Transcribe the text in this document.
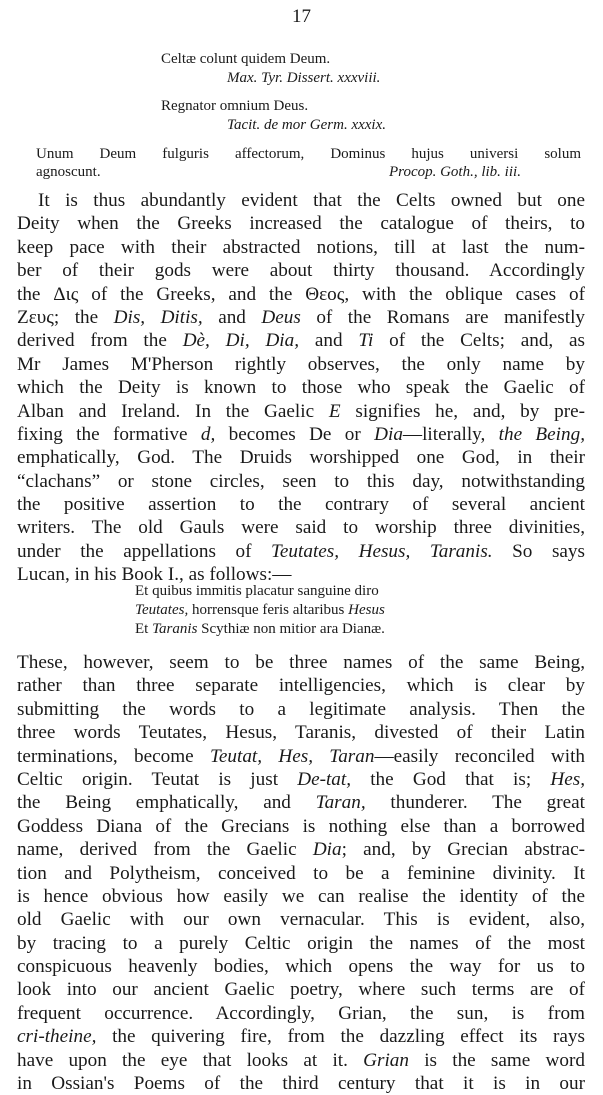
17
Celtæ colunt quidem Deum.
Max. Tyr. Dissert. xxxviii.
Regnator omnium Deus.
Tacit. de mor Germ. xxxix.
Unum Deum fulguris affectorum, Dominus hujus universi solum
agnoscunt.	Procop. Goth., lib. iii.
It is thus abundantly evident that the Celts owned but one
Deity when the Greeks increased the catalogue of theirs, to
keep pace with their abstracted notions, till at last the num-
ber of their gods were about thirty thousand. Accordingly
the Δις of the Greeks, and the Θεος, with the oblique cases of
Ζευς; the Dis, Ditis, and Deus of the Romans are manifestly
derived from the Dè, Di, Dia, and Ti of the Celts; and, as
Mr James M'Pherson rightly observes, the only name by
which the Deity is known to those who speak the Gaelic of
Alban and Ireland. In the Gaelic E signifies he, and, by pre-
fixing the formative d, becomes De or Dia—literally, the Being,
emphatically, God. The Druids worshipped one God, in their
“clachans” or stone circles, seen to this day, notwithstanding
the positive assertion to the contrary of several ancient
writers. The old Gauls were said to worship three divinities,
under the appellations of Teutates, Hesus, Taranis. So says
Lucan, in his Book I., as follows:—
Et quibus immitis placatur sanguine diro
Teutates, horrensque feris altaribus Hesus
Et Taranis Scythiæ non mitior ara Dianæ.
These, however, seem to be three names of the same Being,
rather than three separate intelligencies, which is clear by
submitting the words to a legitimate analysis. Then the
three words Teutates, Hesus, Taranis, divested of their Latin
terminations, become Teutat, Hes, Taran—easily reconciled with
Celtic origin. Teutat is just De-tat, the God that is; Hes,
the Being emphatically, and Taran, thunderer. The great
Goddess Diana of the Grecians is nothing else than a borrowed
name, derived from the Gaelic Dia; and, by Grecian abstrac-
tion and Polytheism, conceived to be a feminine divinity. It
is hence obvious how easily we can realise the identity of the
old Gaelic with our own vernacular. This is evident, also,
by tracing to a purely Celtic origin the names of the most
conspicuous heavenly bodies, which opens the way for us to
look into our ancient Gaelic poetry, where such terms are of
frequent occurrence. Accordingly, Grian, the sun, is from
cri-theine, the quivering fire, from the dazzling effect its rays
have upon the eye that looks at it. Grian is the same word
in Ossian's Poems of the third century that it is in our
